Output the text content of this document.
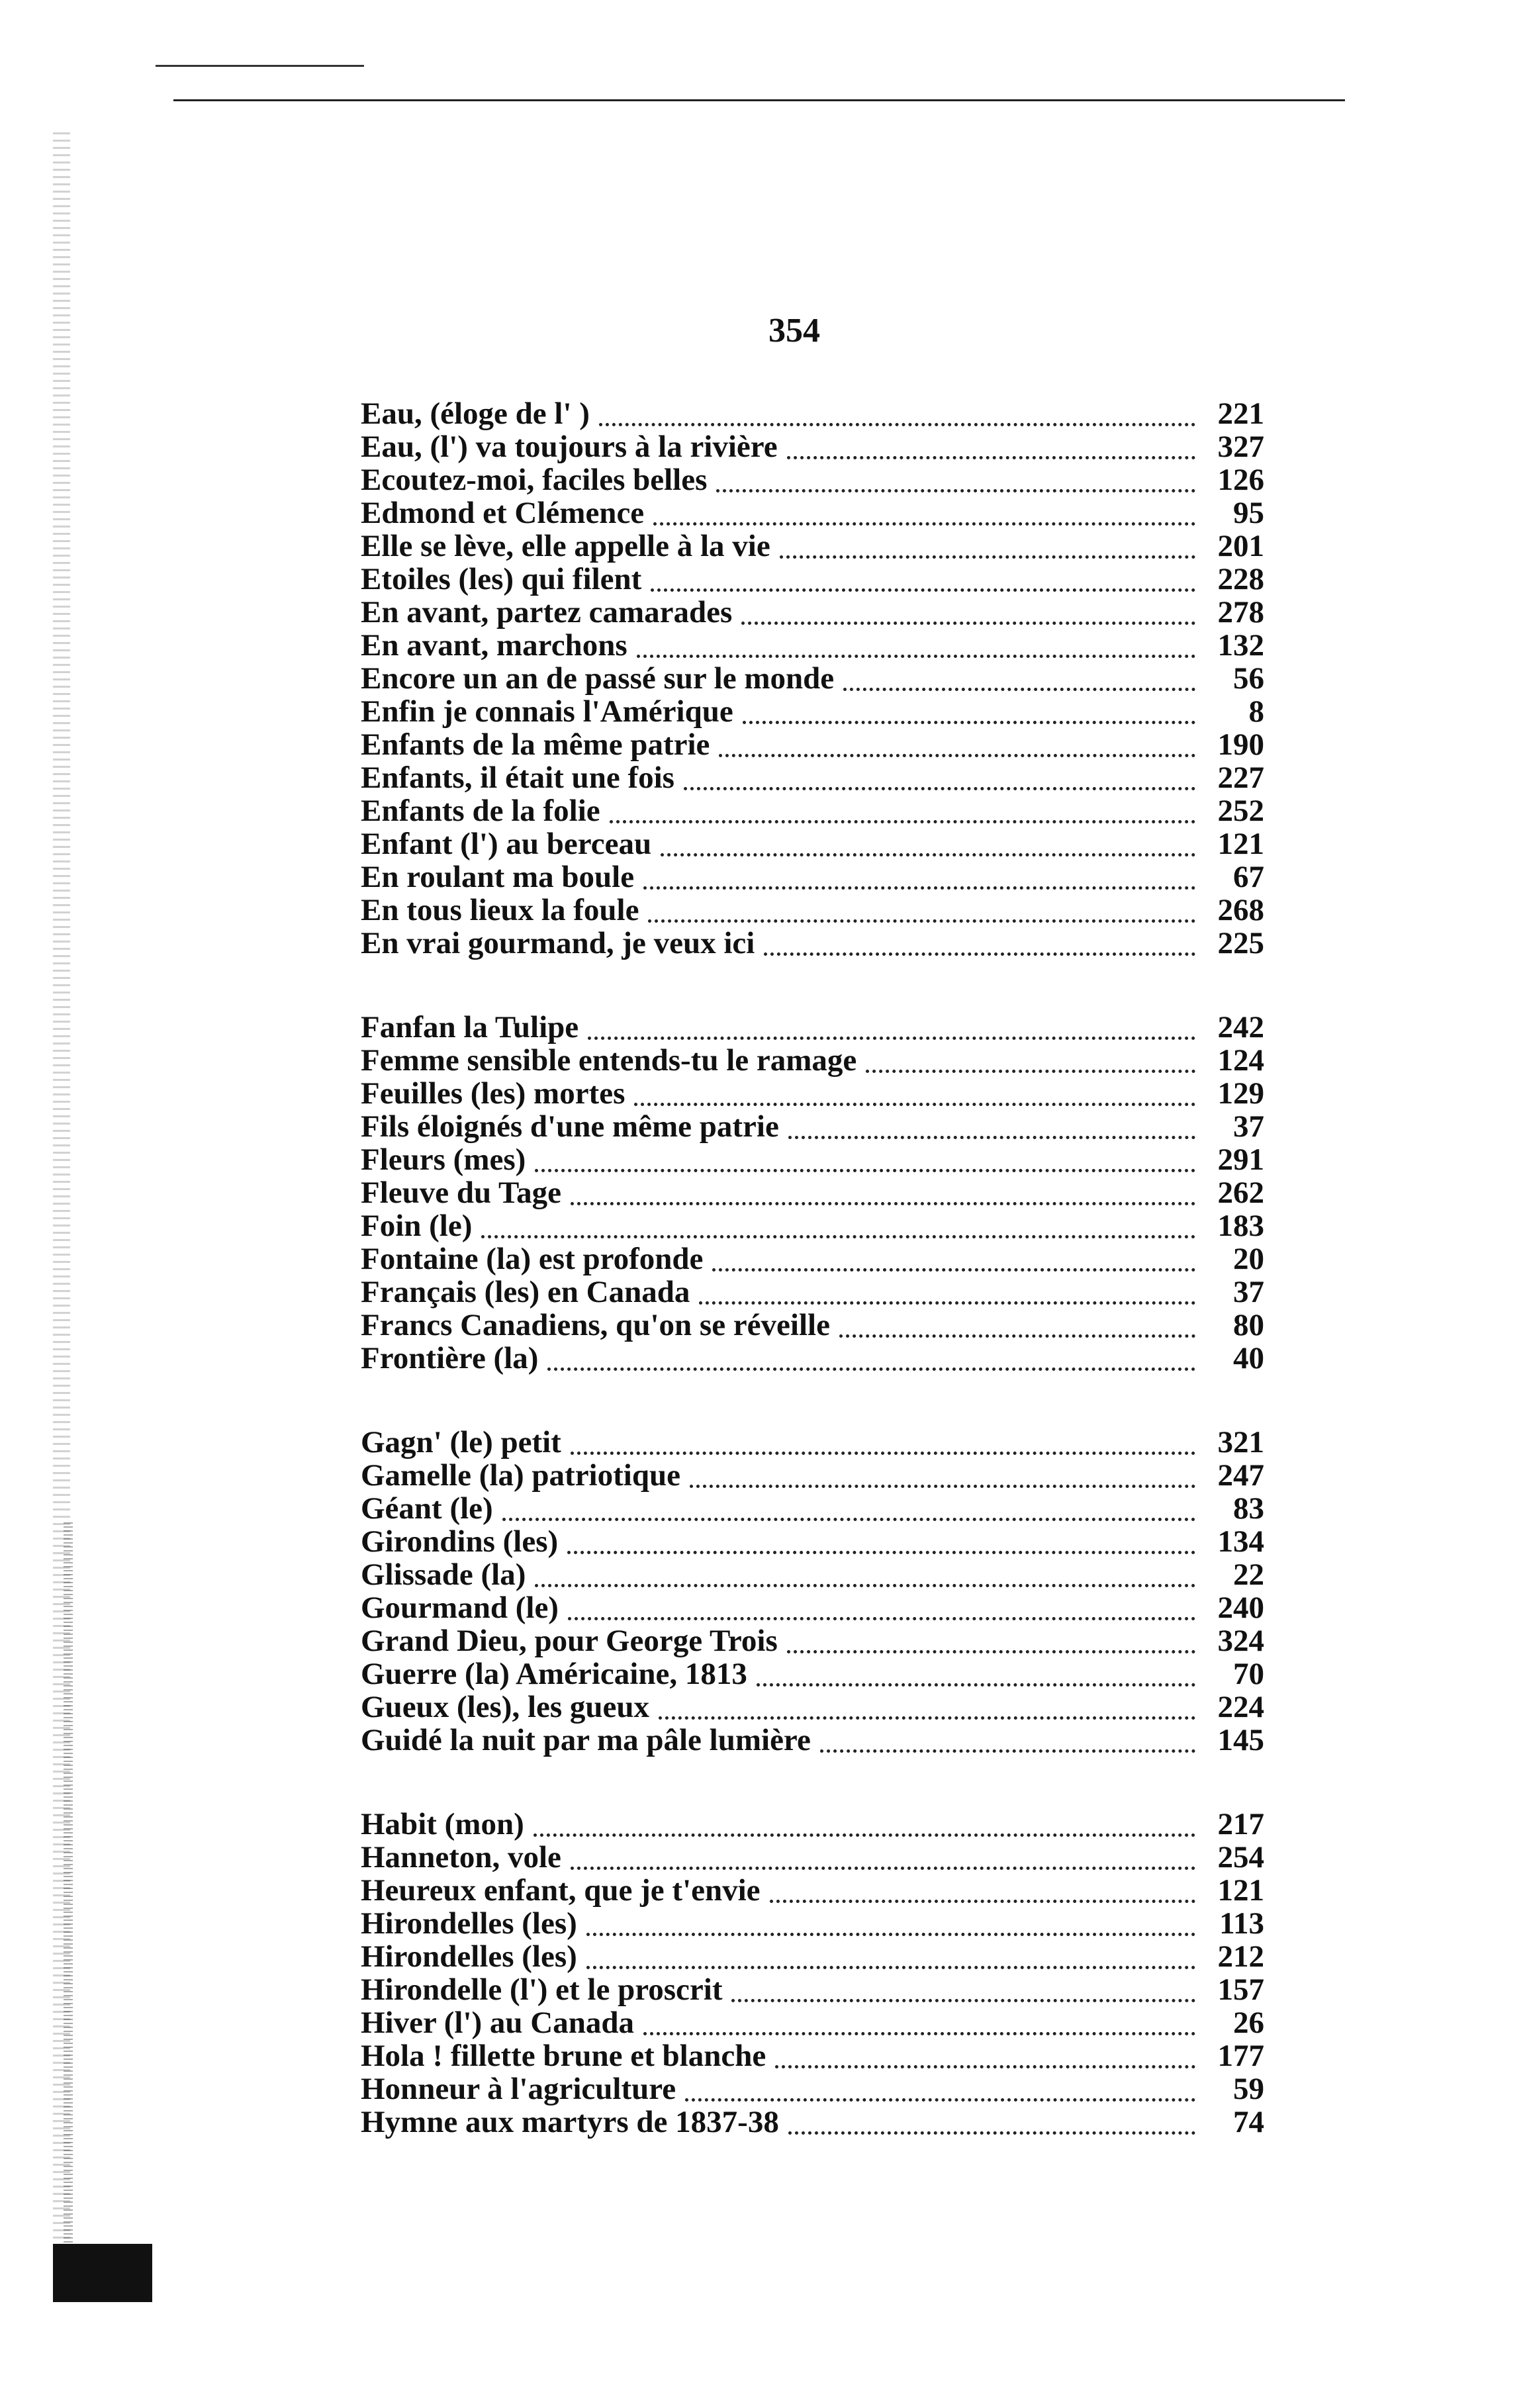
354
Eau, (éloge de l' )	221
Eau, (l') va toujours à la rivière	327
Ecoutez-moi, faciles belles	126
Edmond et Clémence	95
Elle se lève, elle appelle à la vie	201
Etoiles (les) qui filent	228
En avant, partez camarades	278
En avant, marchons	132
Encore un an de passé sur le monde	56
Enfin je connais l'Amérique	8
Enfants de la même patrie	190
Enfants, il était une fois	227
Enfants de la folie	252
Enfant (l') au berceau	121
En roulant ma boule	67
En tous lieux la foule	268
En vrai gourmand, je veux ici	225
Fanfan la Tulipe	242
Femme sensible entends-tu le ramage	124
Feuilles (les) mortes	129
Fils éloignés d'une même patrie	37
Fleurs (mes)	291
Fleuve du Tage	262
Foin (le)	183
Fontaine (la) est profonde	20
Français (les) en Canada	37
Francs Canadiens, qu'on se réveille	80
Frontière (la)	40
Gagn' (le) petit	321
Gamelle (la) patriotique	247
Géant (le)	83
Girondins (les)	134
Glissade (la)	22
Gourmand (le)	240
Grand Dieu, pour George Trois	324
Guerre (la) Américaine, 1813	70
Gueux (les), les gueux	224
Guidé la nuit par ma pâle lumière	145
Habit (mon)	217
Hanneton, vole	254
Heureux enfant, que je t'envie	121
Hirondelles (les)	113
Hirondelles (les)	212
Hirondelle (l') et le proscrit	157
Hiver (l') au Canada	26
Hola ! fillette brune et blanche	177
Honneur à l'agriculture	59
Hymne aux martyrs de 1837-38	74
